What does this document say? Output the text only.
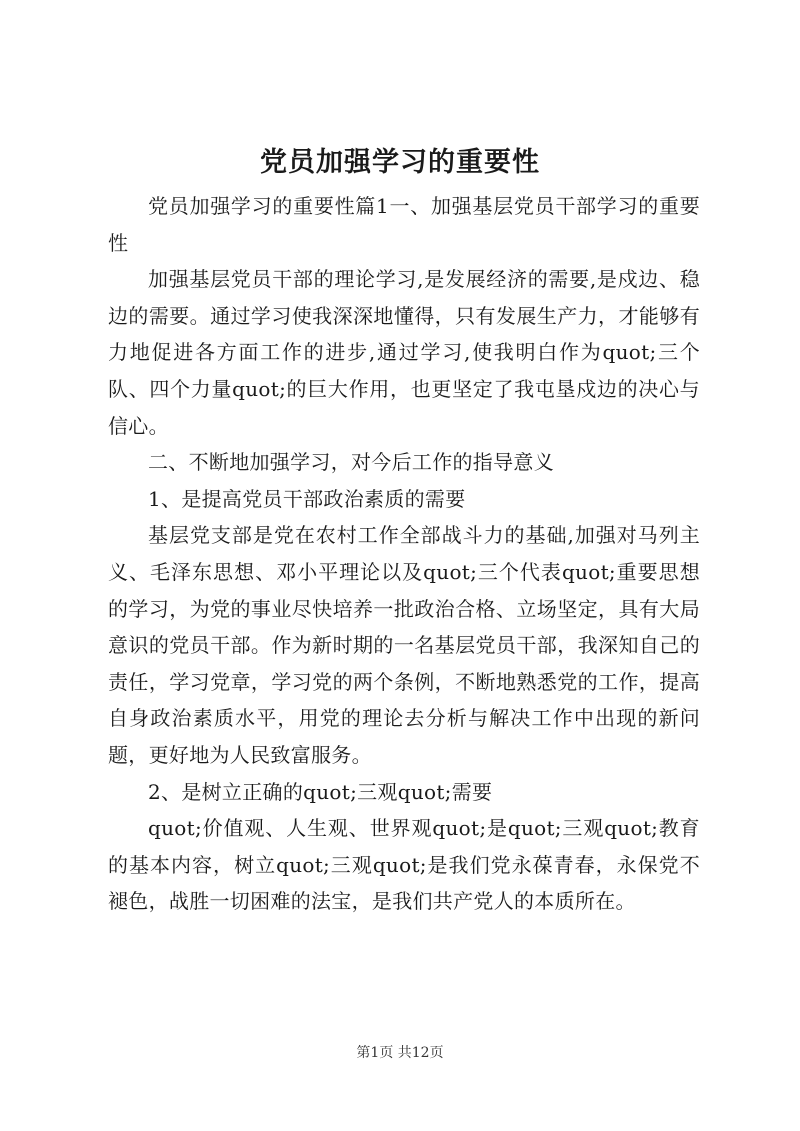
党员加强学习的重要性

党员加强学习的重要性篇1一、加强基层党员干部学习的重要性

加强基层党员干部的理论学习,是发展经济的需要,是戍边、稳边的需要。通过学习使我深深地懂得，只有发展生产力，才能够有力地促进各方面工作的进步,通过学习,使我明白作为quot;三个队、四个力量quot;的巨大作用，也更坚定了我屯垦戍边的决心与信心。

二、不断地加强学习，对今后工作的指导意义

1、是提高党员干部政治素质的需要

基层党支部是党在农村工作全部战斗力的基础,加强对马列主义、毛泽东思想、邓小平理论以及quot;三个代表quot;重要思想的学习，为党的事业尽快培养一批政治合格、立场坚定，具有大局意识的党员干部。作为新时期的一名基层党员干部，我深知自己的责任，学习党章，学习党的两个条例，不断地熟悉党的工作，提高自身政治素质水平，用党的理论去分析与解决工作中出现的新问题，更好地为人民致富服务。

2、是树立正确的quot;三观quot;需要

quot;价值观、人生观、世界观quot;是quot;三观quot;教育的基本内容，树立quot;三观quot;是我们党永葆青春，永保党不褪色，战胜一切困难的法宝，是我们共产党人的本质所在。

第1页 共12页
